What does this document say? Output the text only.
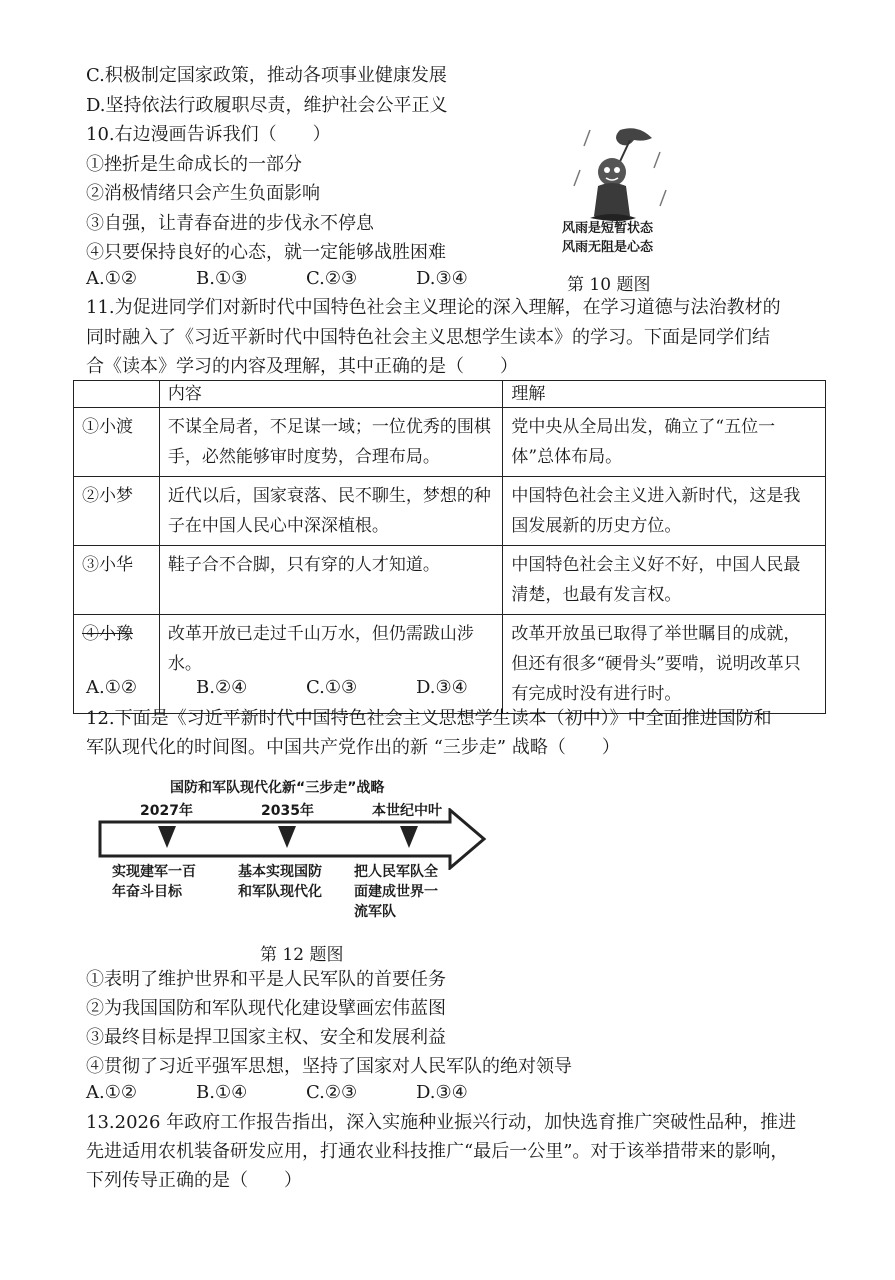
C.积极制定国家政策，推动各项事业健康发展
D.坚持依法行政履职尽责，维护社会公平正义
10.右边漫画告诉我们（　　）
①挫折是生命成长的一部分
②消极情绪只会产生负面影响
③自强，让青春奋进的步伐永不停息
④只要保持良好的心态，就一定能够战胜困难
A.①②	B.①③	C.②③	D.③④
风雨是短暂状态
风雨无阻是心态
第 10 题图
11.为促进同学们对新时代中国特色社会主义理论的深入理解，在学习道德与法治教材的
同时融入了《习近平新时代中国特色社会主义思想学生读本》的学习。下面是同学们结
合《读本》学习的内容及理解，其中正确的是（　　）
	内容	理解
①小渡	不谋全局者，不足谋一域；一位优秀的围棋手，必然能够审时度势，合理布局。	党中央从全局出发，确立了“五位一体”总体布局。
②小梦	近代以后，国家衰落、民不聊生，梦想的种子在中国人民心中深深植根。	中国特色社会主义进入新时代，这是我国发展新的历史方位。
③小华	鞋子合不合脚，只有穿的人才知道。	中国特色社会主义好不好，中国人民最清楚，也最有发言权。
④小豫	改革开放已走过千山万水，但仍需跋山涉水。	改革开放虽已取得了举世瞩目的成就，但还有很多“硬骨头”要啃，说明改革只有完成时没有进行时。
A.①②	B.②④	C.①③	D.③④
12.下面是《习近平新时代中国特色社会主义思想学生读本（初中）》中全面推进国防和
军队现代化的时间图。中国共产党作出的新 “三步走” 战略（　　）
国防和军队现代化新“三步走”战略
2027年	2035年	本世纪中叶
实现建军一百
年奋斗目标
基本实现国防
和军队现代化
把人民军队全
面建成世界一
流军队
第 12 题图
①表明了维护世界和平是人民军队的首要任务
②为我国国防和军队现代化建设擘画宏伟蓝图
③最终目标是捍卫国家主权、安全和发展利益
④贯彻了习近平强军思想，坚持了国家对人民军队的绝对领导
A.①②	B.①④	C.②③	D.③④
13.2026 年政府工作报告指出，深入实施种业振兴行动，加快选育推广突破性品种，推进
先进适用农机装备研发应用，打通农业科技推广“最后一公里”。对于该举措带来的影响，
下列传导正确的是（　　）
